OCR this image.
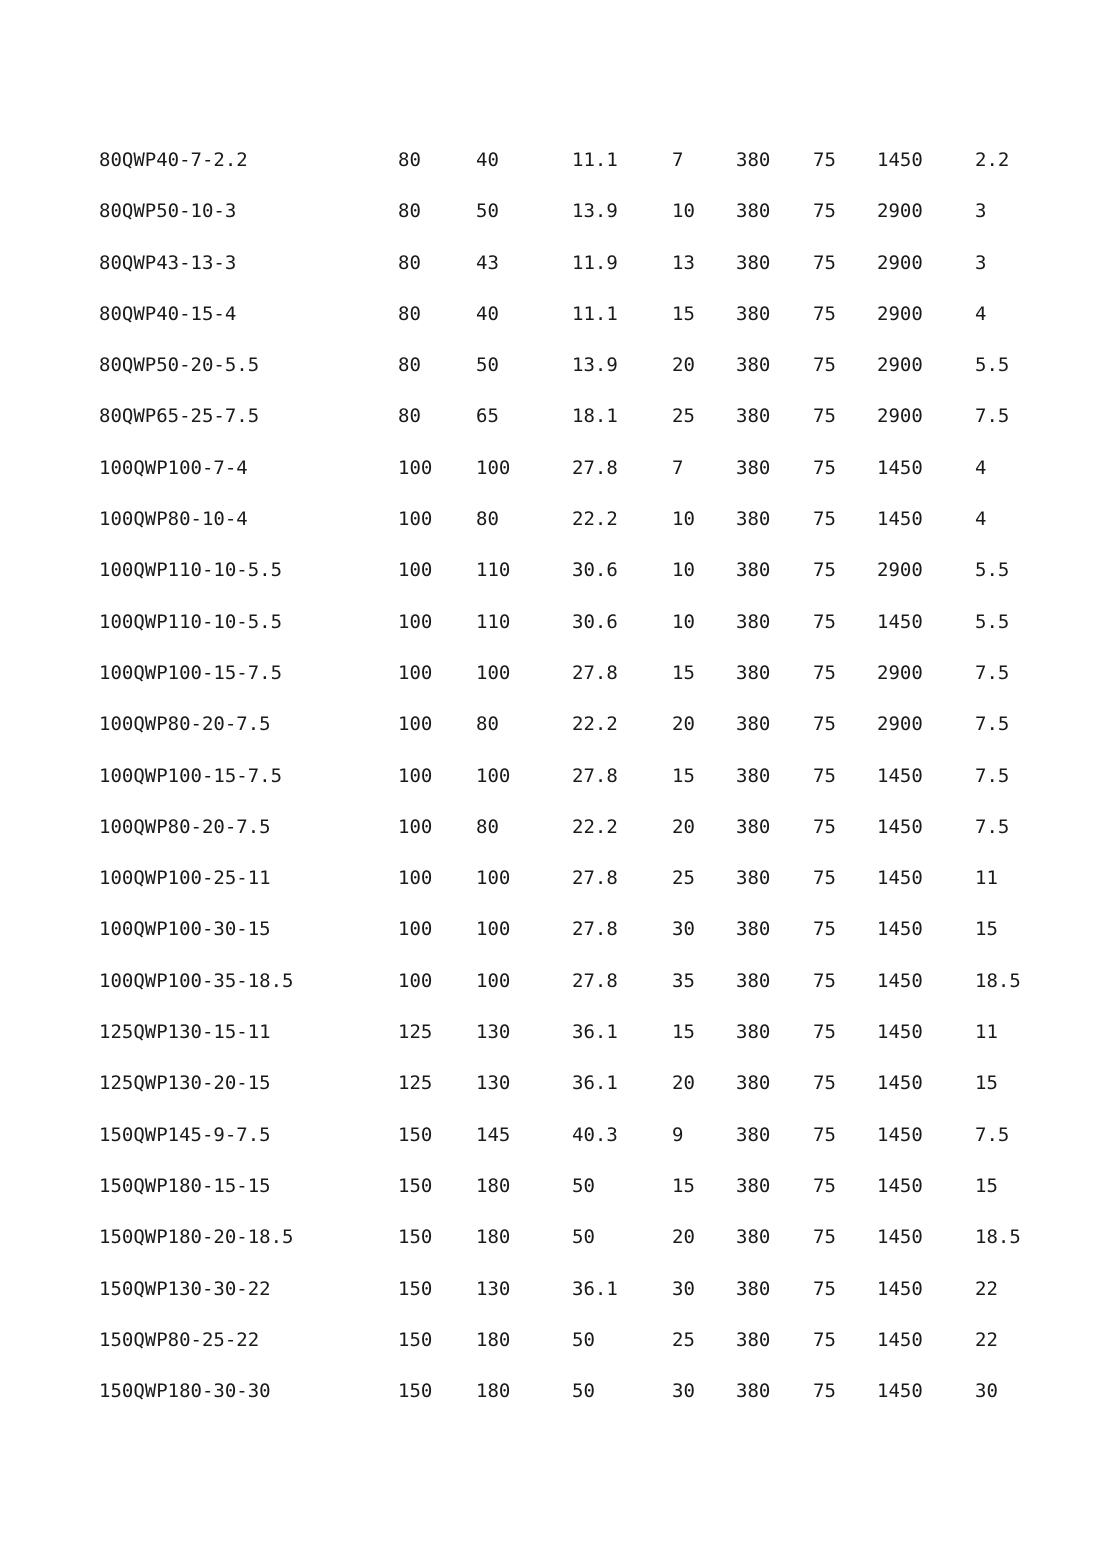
	80QWP40-7-2.2	80	40	11.1	7	380	75	1450	2.2
	80QWP50-10-3	80	50	13.9	10	380	75	2900	3
	80QWP43-13-3	80	43	11.9	13	380	75	2900	3
	80QWP40-15-4	80	40	11.1	15	380	75	2900	4
	80QWP50-20-5.5	80	50	13.9	20	380	75	2900	5.5
	80QWP65-25-7.5	80	65	18.1	25	380	75	2900	7.5
	100QWP100-7-4	100	100	27.8	7	380	75	1450	4
	100QWP80-10-4	100	80	22.2	10	380	75	1450	4
	100QWP110-10-5.5	100	110	30.6	10	380	75	2900	5.5
	100QWP110-10-5.5	100	110	30.6	10	380	75	1450	5.5
	100QWP100-15-7.5	100	100	27.8	15	380	75	2900	7.5
	100QWP80-20-7.5	100	80	22.2	20	380	75	2900	7.5
	100QWP100-15-7.5	100	100	27.8	15	380	75	1450	7.5
	100QWP80-20-7.5	100	80	22.2	20	380	75	1450	7.5
	100QWP100-25-11	100	100	27.8	25	380	75	1450	11
	100QWP100-30-15	100	100	27.8	30	380	75	1450	15
	100QWP100-35-18.5	100	100	27.8	35	380	75	1450	18.5
	125QWP130-15-11	125	130	36.1	15	380	75	1450	11
	125QWP130-20-15	125	130	36.1	20	380	75	1450	15
	150QWP145-9-7.5	150	145	40.3	9	380	75	1450	7.5
	150QWP180-15-15	150	180	50	15	380	75	1450	15
	150QWP180-20-18.5	150	180	50	20	380	75	1450	18.5
	150QWP130-30-22	150	130	36.1	30	380	75	1450	22
	150QWP80-25-22	150	180	50	25	380	75	1450	22
	150QWP180-30-30	150	180	50	30	380	75	1450	30
